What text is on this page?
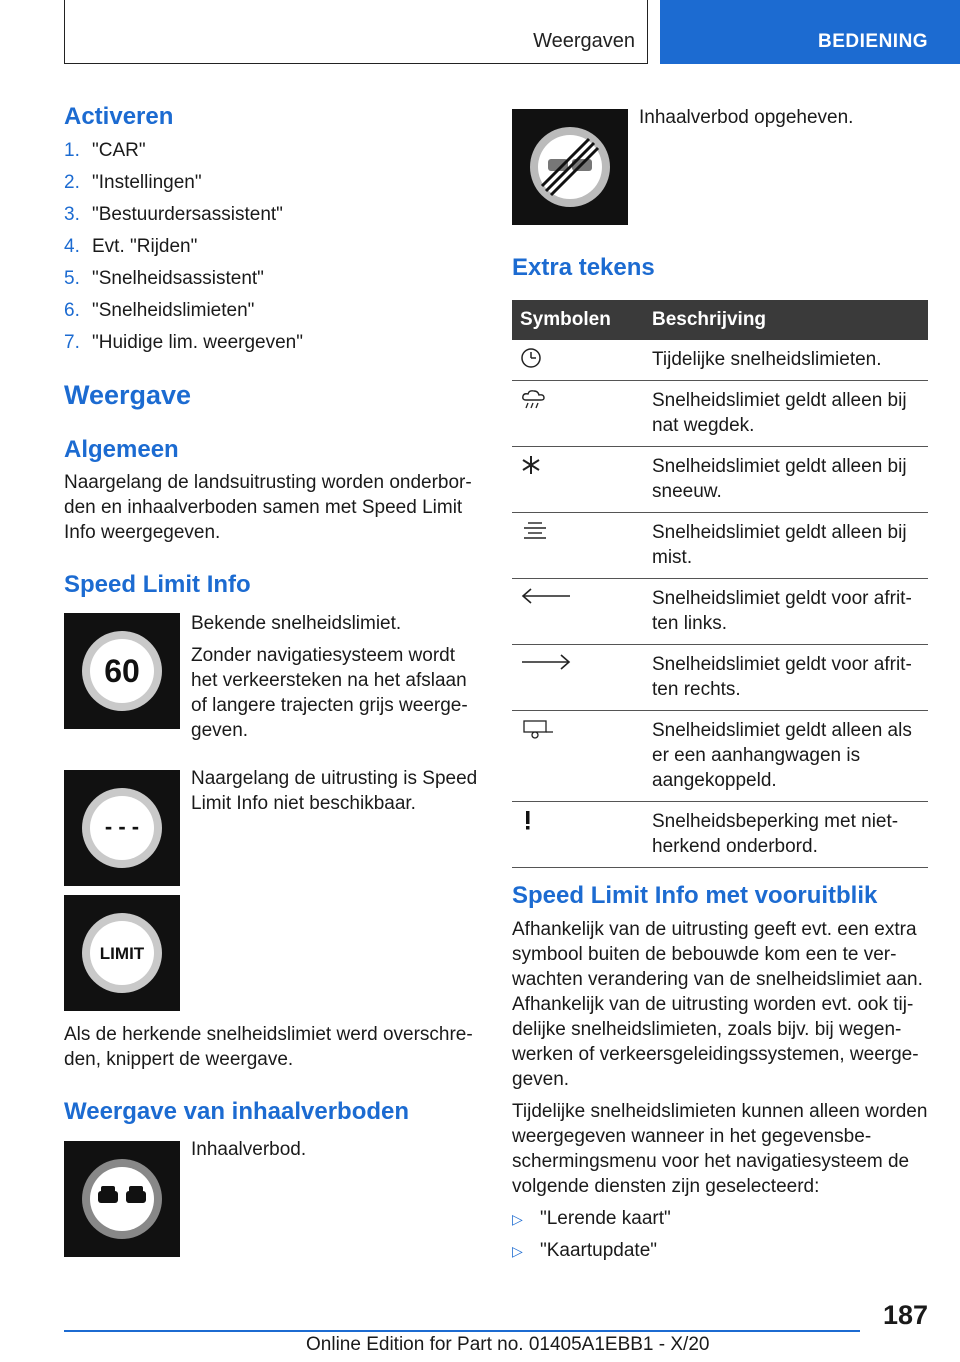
Weergaven	BEDIENING
Activeren
1. "CAR"
2. "Instellingen"
3. "Bestuurdersassistent"
4. Evt. "Rijden"
5. "Snelheidsassistent"
6. "Snelheidslimieten"
7. "Huidige lim. weergeven"
Weergave
Algemeen

Naargelang de landsuitrusting worden onderborden en inhaalverboden samen met Speed Limit Info weergegeven.

Speed Limit Info
60

Bekende snelheidslimiet.

Zonder navigatiesysteem wordt het verkeersteken na het afslaan of langere trajecten grijs weergegeven.

- - -

Naargelang de uitrusting is Speed Limit Info niet beschikbaar.

LIMIT

Als de herkende snelheidslimiet werd overschreden, knippert de weergave.

Weergave van inhaalverboden

Inhaalverbod.

Inhaalverbod opgeheven.

Extra tekens
Symbolen	Beschrijving

	Tijdelijke snelheidslimieten.

	Snelheidslimiet geldt alleen bij nat wegdek.

	Snelheidslimiet geldt alleen bij sneeuw.

	Snelheidslimiet geldt alleen bij mist.

	Snelheidslimiet geldt voor afritten links.

	Snelheidslimiet geldt voor afritten rechts.

	Snelheidslimiet geldt alleen als er een aanhangwagen is aangekoppeld.

	Snelheidsbeperking met niet-herkend onderbord.
Speed Limit Info met vooruitblik

Afhankelijk van de uitrusting geeft evt. een extra symbool buiten de bebouwde kom een te verwachten verandering van de snelheidslimiet aan.

Afhankelijk van de uitrusting worden evt. ook tijdelijke snelheidslimieten, zoals bijv. bij wegenwerken of verkeersgeleidingssystemen, weergegeven.

Tijdelijke snelheidslimieten kunnen alleen worden weergegeven wanneer in het gegevensbeschermingsmenu voor het navigatiesysteem de volgende diensten zijn geselecteerd:

▷ "Lerende kaart"
▷ "Kaartupdate"
187
Online Edition for Part no. 01405A1EBB1 - X/20
